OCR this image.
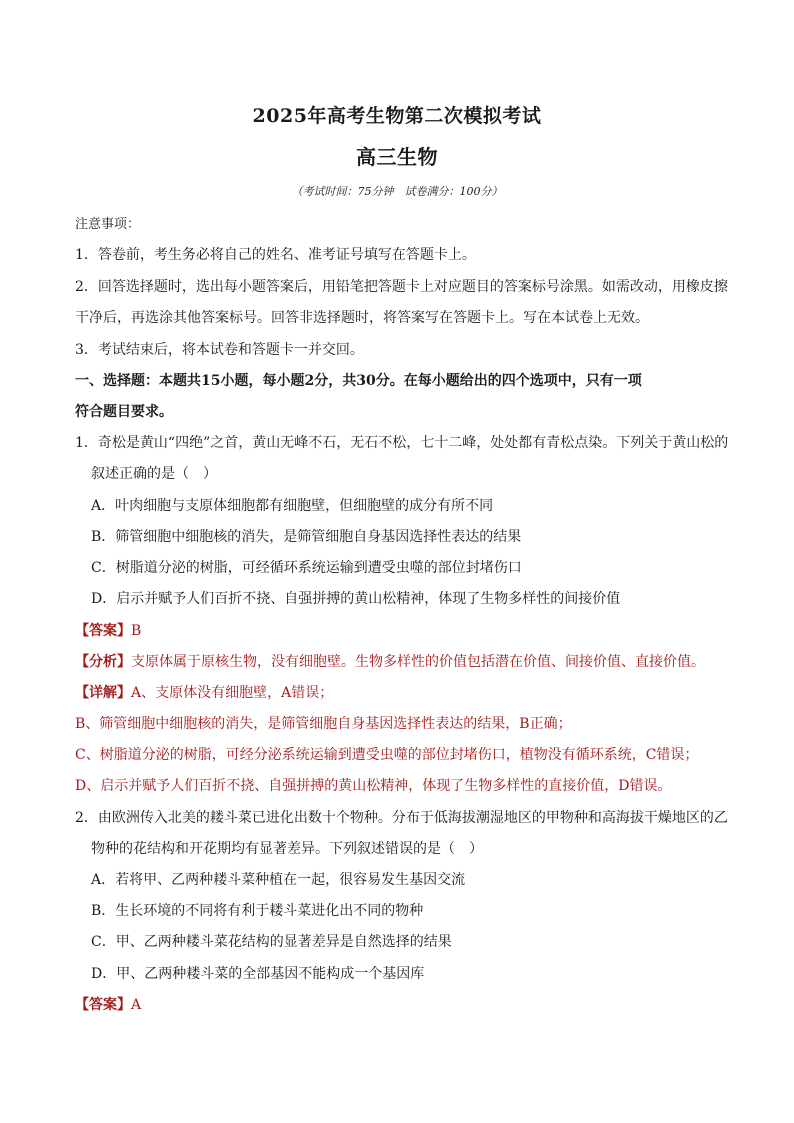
2025年高考生物第二次模拟考试
高三生物
（考试时间：75分钟　试卷满分：100分）
注意事项：
1．答卷前，考生务必将自己的姓名、准考证号填写在答题卡上。
2．回答选择题时，选出每小题答案后，用铅笔把答题卡上对应题目的答案标号涂黑。如需改动，用橡皮擦
干净后，再选涂其他答案标号。回答非选择题时，将答案写在答题卡上。写在本试卷上无效。
3．考试结束后，将本试卷和答题卡一并交回。
一、选择题：本题共15小题，每小题2分，共30分。在每小题给出的四个选项中，只有一项
符合题目要求。
1．奇松是黄山“四绝”之首，黄山无峰不石，无石不松，七十二峰，处处都有青松点染。下列关于黄山松的
叙述正确的是（　）
A．叶肉细胞与支原体细胞都有细胞壁，但细胞壁的成分有所不同
B．筛管细胞中细胞核的消失，是筛管细胞自身基因选择性表达的结果
C．树脂道分泌的树脂，可经循环系统运输到遭受虫噬的部位封堵伤口
D．启示并赋予人们百折不挠、自强拼搏的黄山松精神，体现了生物多样性的间接价值
【答案】B
【分析】支原体属于原核生物，没有细胞壁。生物多样性的价值包括潜在价值、间接价值、直接价值。
【详解】A、支原体没有细胞壁，A错误；
B、筛管细胞中细胞核的消失，是筛管细胞自身基因选择性表达的结果，B正确；
C、树脂道分泌的树脂，可经分泌系统运输到遭受虫噬的部位封堵伤口，植物没有循环系统，C错误；
D、启示并赋予人们百折不挠、自强拼搏的黄山松精神，体现了生物多样性的直接价值，D错误。
2．由欧洲传入北美的耧斗菜已进化出数十个物种。分布于低海拔潮湿地区的甲物种和高海拔干燥地区的乙
物种的花结构和开花期均有显著差异。下列叙述错误的是（　）
A．若将甲、乙两种耧斗菜种植在一起，很容易发生基因交流
B．生长环境的不同将有利于耧斗菜进化出不同的物种
C．甲、乙两种耧斗菜花结构的显著差异是自然选择的结果
D．甲、乙两种耧斗菜的全部基因不能构成一个基因库
【答案】A
